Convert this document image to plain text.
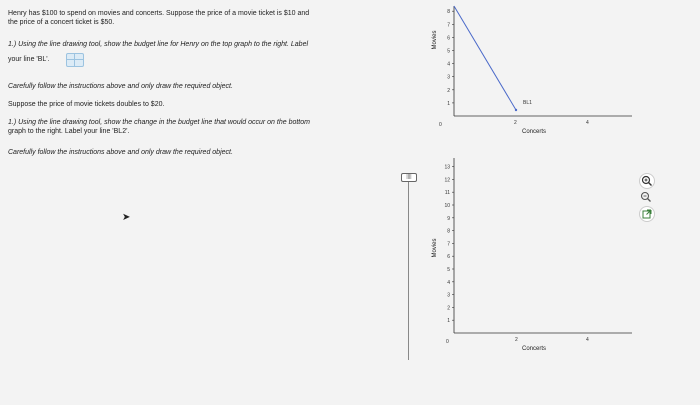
Henry has $100 to spend on movies and concerts. Suppose the price of a movie ticket is $10 and
the price of a concert ticket is $50.
1.) Using the line drawing tool, show the budget line for Henry on the top graph to the right. Label
your line 'BL'.
Carefully follow the instructions above and only draw the required object.
Suppose the price of movie tickets doubles to $20.
1.) Using the line drawing tool, show the change in the budget line that would occur on the bottom
graph to the right. Label your line 'BL2'.
Carefully follow the instructions above and only draw the required object.
➤
||||
Movies
1
2
3
4
5
6
7
8
0	2	4
Concerts
BL1
Movies
1
2
3
4
5
6
7
8
9
10
11
12
13
0	2	4
Concerts
